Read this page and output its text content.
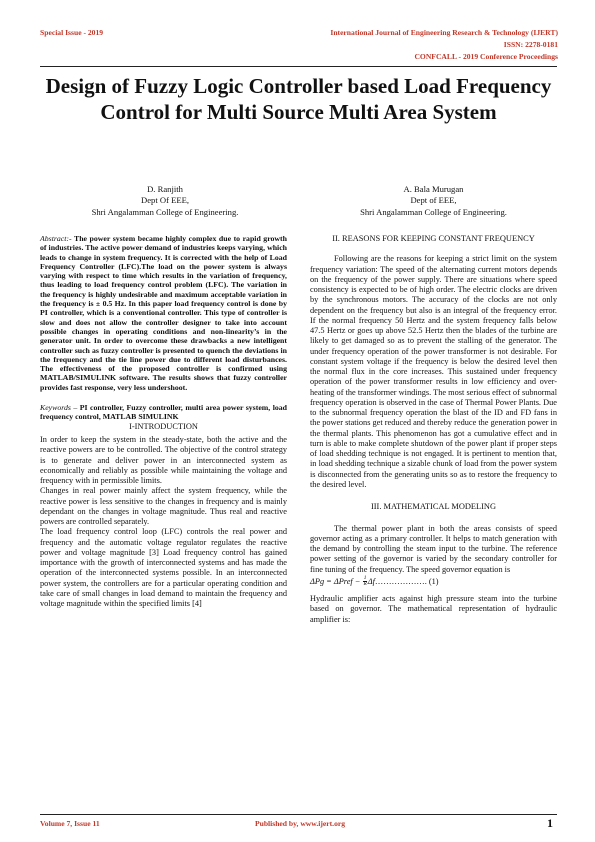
Special Issue - 2019	International Journal of Engineering Research & Technology (IJERT)
ISSN: 2278-0181
CONFCALL - 2019 Conference Proceedings
Design of Fuzzy Logic Controller based Load Frequency Control for Multi Source Multi Area System
D. Ranjith
Dept Of EEE,
Shri Angalamman College of Engineering.
A. Bala Murugan
Dept of EEE,
Shri Angalamman College of Engineering.

Abstract:- The power system became highly complex due to rapid growth of industries. The active power demand of industries keeps varying, which leads to change in system frequency. It is corrected with the help of Load Frequency Controller (LFC).The load on the power system is always varying with respect to time which results in the variation of frequency, thus leading to load frequency control problem (LFC). The variation in the frequency is highly undesirable and maximum acceptable variation in the frequency is ± 0.5 Hz. In this paper load frequency control is done by PI controller, which is a conventional controller. This type of controller is slow and does not allow the controller designer to take into account possible changes in operating conditions and non-linearity’s in the generator unit. In order to overcome these drawbacks a new intelligent controller such as fuzzy controller is presented to quench the deviations in the frequency and the tie line power due to different load disturbances. The effectiveness of the proposed controller is confirmed using MATLAB/SIMULINK software. The results shows that fuzzy controller provides fast response, very less undershoot.

Keywords – PI controller, Fuzzy controller, multi area power system, load frequency control, MATLAB SIMULINK

I-INTRODUCTION

In order to keep the system in the steady-state, both the active and the reactive powers are to be controlled. The objective of the control strategy is to generate and deliver power in an interconnected system as economically and reliably as possible while maintaining the voltage and frequency with in permissible limits.

Changes in real power mainly affect the system frequency, while the reactive power is less sensitive to the changes in frequency and is mainly dependant on the changes in voltage magnitude. Thus real and reactive powers are controlled separately.

The load frequency control loop (LFC) controls the real power and frequency and the automatic voltage regulator regulates the reactive power and voltage magnitude [3] Load frequency control has gained importance with the growth of interconnected systems and has made the operation of the interconnected systems possible. In an interconnected power system, the controllers are for a particular operating condition and take care of small changes in load demand to maintain the frequency and voltage magnitude within the specified limits [4]

II. REASONS FOR KEEPING CONSTANT FREQUENCY

Following are the reasons for keeping a strict limit on the system frequency variation: The speed of the alternating current motors depends on the frequency of the power supply. There are situations where speed consistency is expected to be of high order. The electric clocks are driven by the synchronous motors. The accuracy of the clocks are not only dependent on the frequency but also is an integral of the frequency error. If the normal frequency 50 Hertz and the system frequency falls below 47.5 Hertz or goes up above 52.5 Hertz then the blades of the turbine are likely to get damaged so as to prevent the stalling of the generator. The under frequency operation of the power transformer is not desirable. For constant system voltage if the frequency is below the desired level then the normal flux in the core increases. This sustained under frequency operation of the power transformer results in low efficiency and over-heating of the transformer windings. The most serious effect of subnormal frequency operation is observed in the case of Thermal Power Plants. Due to the subnormal frequency operation the blast of the ID and FD fans in the power stations get reduced and thereby reduce the generation power in the thermal plants. This phenomenon has got a cumulative effect and in turn is able to make complete shutdown of the power plant if proper steps of load shedding technique is not engaged. It is pertinent to mention that, in load shedding technique a sizable chunk of load from the power system is disconnected from the generating units so as to restore the frequency to the desired level.

III. MATHEMATICAL MODELING

The thermal power plant in both the areas consists of speed governor acting as a primary controller. It helps to match generation with the demand by controlling the steam input to the turbine. The reference power setting of the governor is varied by the secondary controller for fine tuning of the frequency. The speed governor equation is

ΔPg = ΔPref − $\frac{1}{R}$ Δf………………. (1)

Hydraulic amplifier acts against high pressure steam into the turbine based on governor. The mathematical representation of hydraulic amplifier is:

Volume 7, Issue 11	Published by, www.ijert.org	1
